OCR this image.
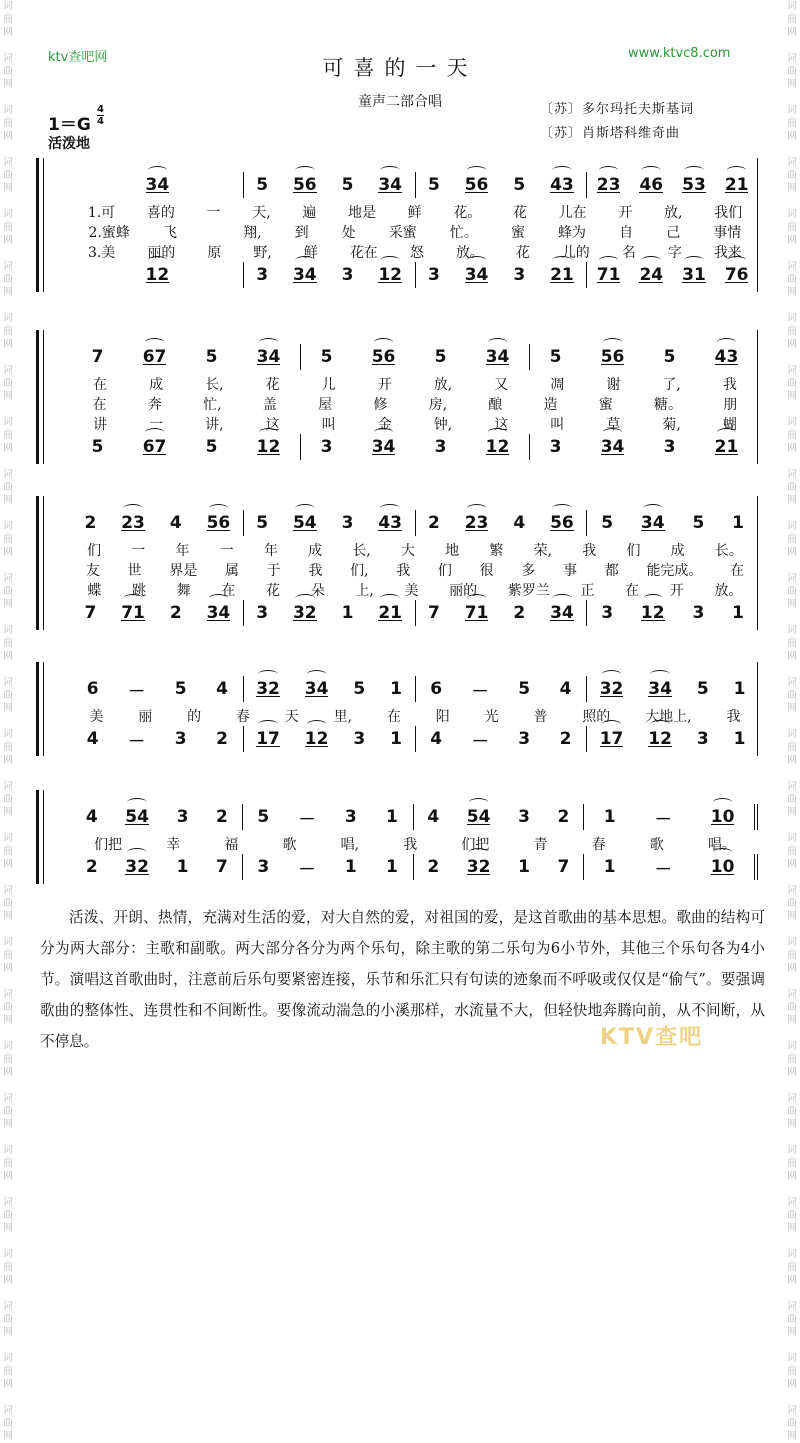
词
曲
网

词
曲
网

词
曲
网

词
曲
网

词
曲
网

词
曲
网

词
曲
网

词
曲
网

词
曲
网

词
曲
网

词
曲
网

词
曲
网

词
曲
网

词
曲
网

词
曲
网

词
曲
网

词
曲
网

词
曲
网

词
曲
网

词
曲
网

词
曲
网

词
曲
网

词
曲
网

词
曲
网

词
曲
网

词
曲
网

词
曲
网

词
曲
网

词
曲
网

词
曲
网

词
曲
网

词
曲
网

词
曲
网

词
曲
网

词
曲
网

词
曲
网

词
曲
网

词
曲
网

词
曲
网

词
曲
网

词
曲
网

词
曲
网

词
曲
网

词
曲
网

词
曲
网

词
曲
网

词
曲
网

词
曲
网

词
曲
网

词
曲
网

词
曲
网

词
曲
网

词
曲
网

词
曲
网

词
曲
网

词
曲
网

ktv查吧网	www.ktvc8.com
可喜的一天
童声二部合唱	〔苏〕多尔玛托夫斯基词
〔苏〕肖斯塔科维奇曲
1＝G
4
4
活泼地
34	5 56 5 34 5 56 5 43 23 46 53 21
1.可 喜的 一 天, 遍 地是 鲜 花。 花 儿在 开 放, 我们
2.蜜蜂 飞	翔, 到 处 采蜜 忙。 蜜 蜂为 自 己 事情
3.美 丽的 原 野, 鲜 花在 怒 放。 花 儿的 名 字 我来
12	3 34 3 12 3 34 3 21 71 24 31 76
7 67 5 34 5 56 5 34 5 56 5 43
在	成	长,	花	儿	开	放,	又	凋	谢	了,	我
在	奔	忙,	盖	屋	修	房,	酿	造	蜜	糖。	朋
讲	一	讲,	这	叫	金	钟,	这	叫	草	菊,	蝴
5 67 5 12 3 34 3 12 3 34 3 21
2 23 4 56 5 54 3 43 2 23 4 56 5 34 5 1
们 一 年 一 年 成 长, 大 地 繁 荣, 我 们 成 长。
友 世 界是 属 于 我 们, 我 们 很 多 事 都 能完成。 在
蝶 跳 舞 在 花 朵 上, 美 丽的 紫罗兰 正 在 开 放。
7 71 2 34 3 32 1 21 7 71 2 34 3 12 3 1
6 － 5 4 32 34 5 1 6 － 5 4 32 34 5 1
美 丽 的 春 天 里, 在 阳 光 普 照的 大地上, 我
4 － 3 2 17 12 3 1 4 － 3 2 17 12 3 1
4 54 3 2 5 － 3 1 4 54 3 2 1 － 10
们把	幸	福	歌	唱,	我	们把	青	春	歌	唱。
2 32 1 7 3 － 1 1 2 32 1 7 1 － 10
活泼、开朗、热情，充满对生活的爱，对大自然的爱，对祖国的爱，是这首歌曲的基本思想。歌曲的结构可分为两大部分：主歌和副歌。两大部分各分为两个乐句，除主歌的第二乐句为6小节外，其他三个乐句各为4小节。演唱这首歌曲时，注意前后乐句要紧密连接，乐节和乐汇只有句读的迹象而不呼吸或仅仅是“偷气”。要强调歌曲的整体性、连贯性和不间断性。要像流动湍急的小溪那样，水流量不大，但轻快地奔腾向前，从不间断，从不停息。	KTV查吧
